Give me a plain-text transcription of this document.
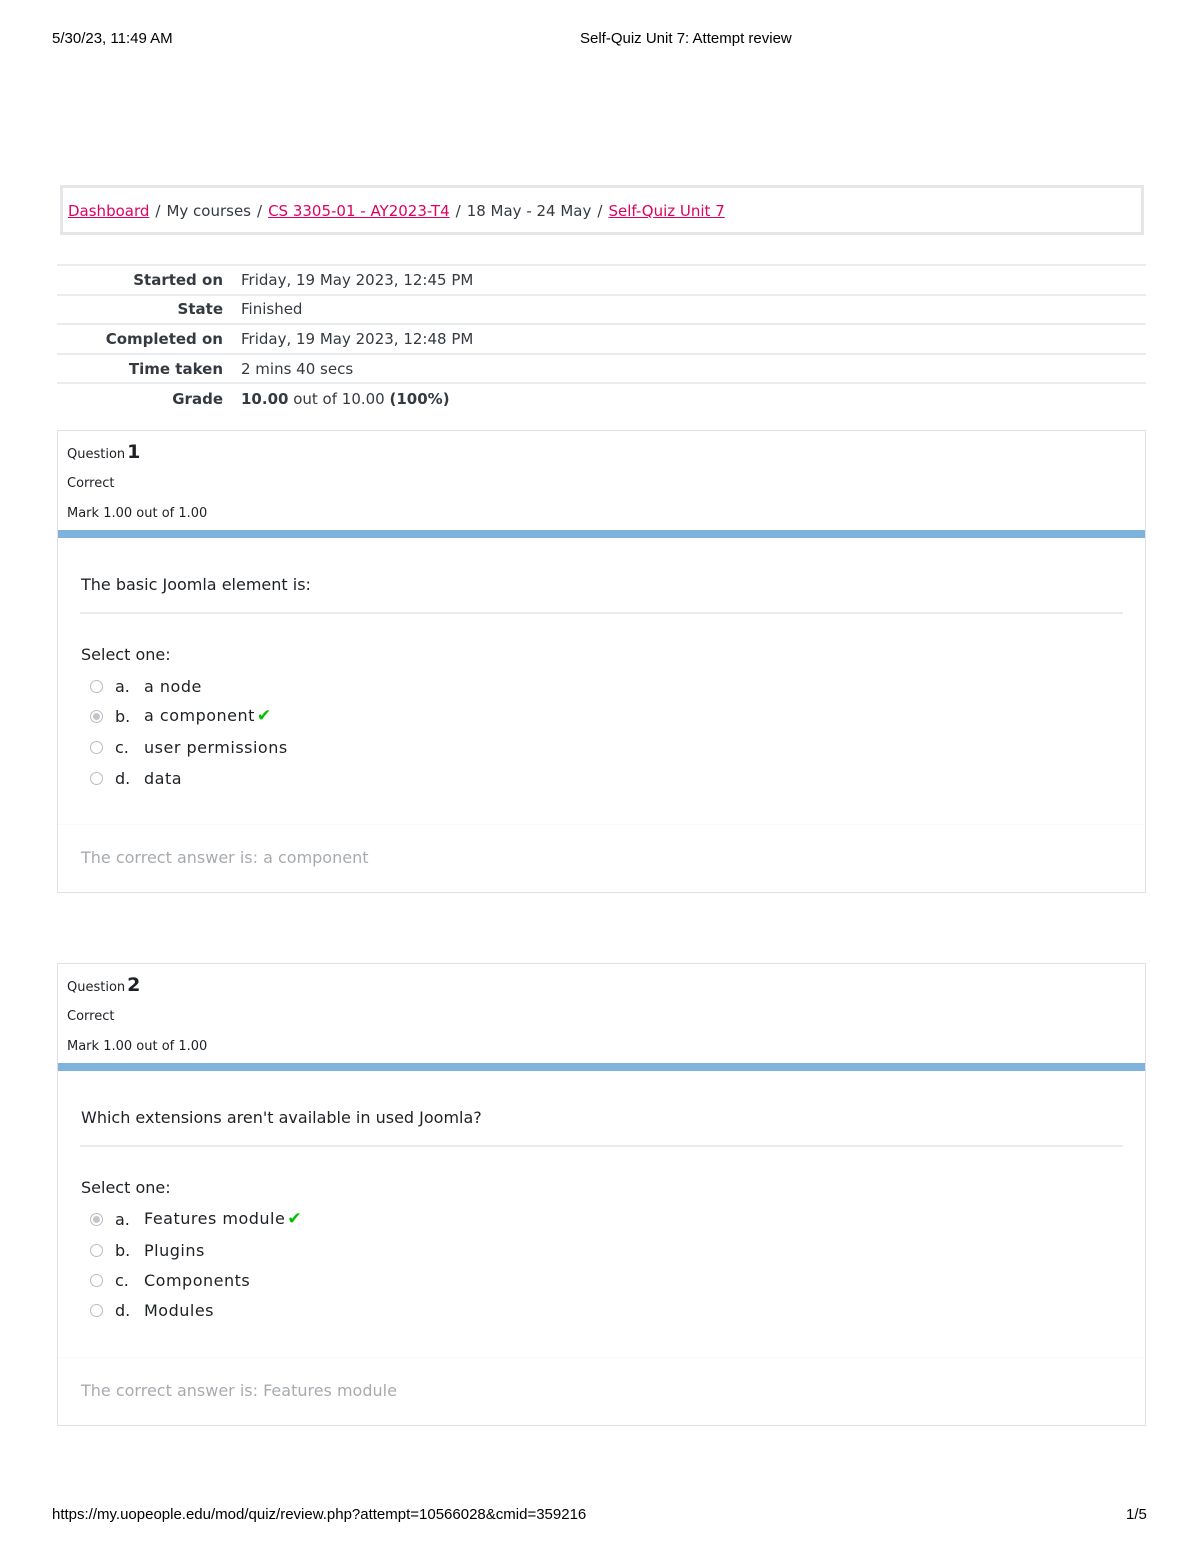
5/30/23, 11:49 AM	Self-Quiz Unit 7: Attempt review
Dashboard / My courses / CS 3305-01 - AY2023-T4 / 18 May - 24 May / Self-Quiz Unit 7
Started on	Friday, 19 May 2023, 12:45 PM
State	Finished
Completed on	Friday, 19 May 2023, 12:48 PM
Time taken	2 mins 40 secs
Grade	10.00 out of 10.00 (100%)
Question 1
Correct
Mark 1.00 out of 1.00
The basic Joomla element is:
Select one:
a. a node
b. a component ✔
c. user permissions
d. data
The correct answer is: a component
Question 2
Correct
Mark 1.00 out of 1.00
Which extensions aren't available in used Joomla?
Select one:
a. Features module ✔
b. Plugins
c. Components
d. Modules
The correct answer is: Features module
https://my.uopeople.edu/mod/quiz/review.php?attempt=10566028&cmid=359216	1/5
